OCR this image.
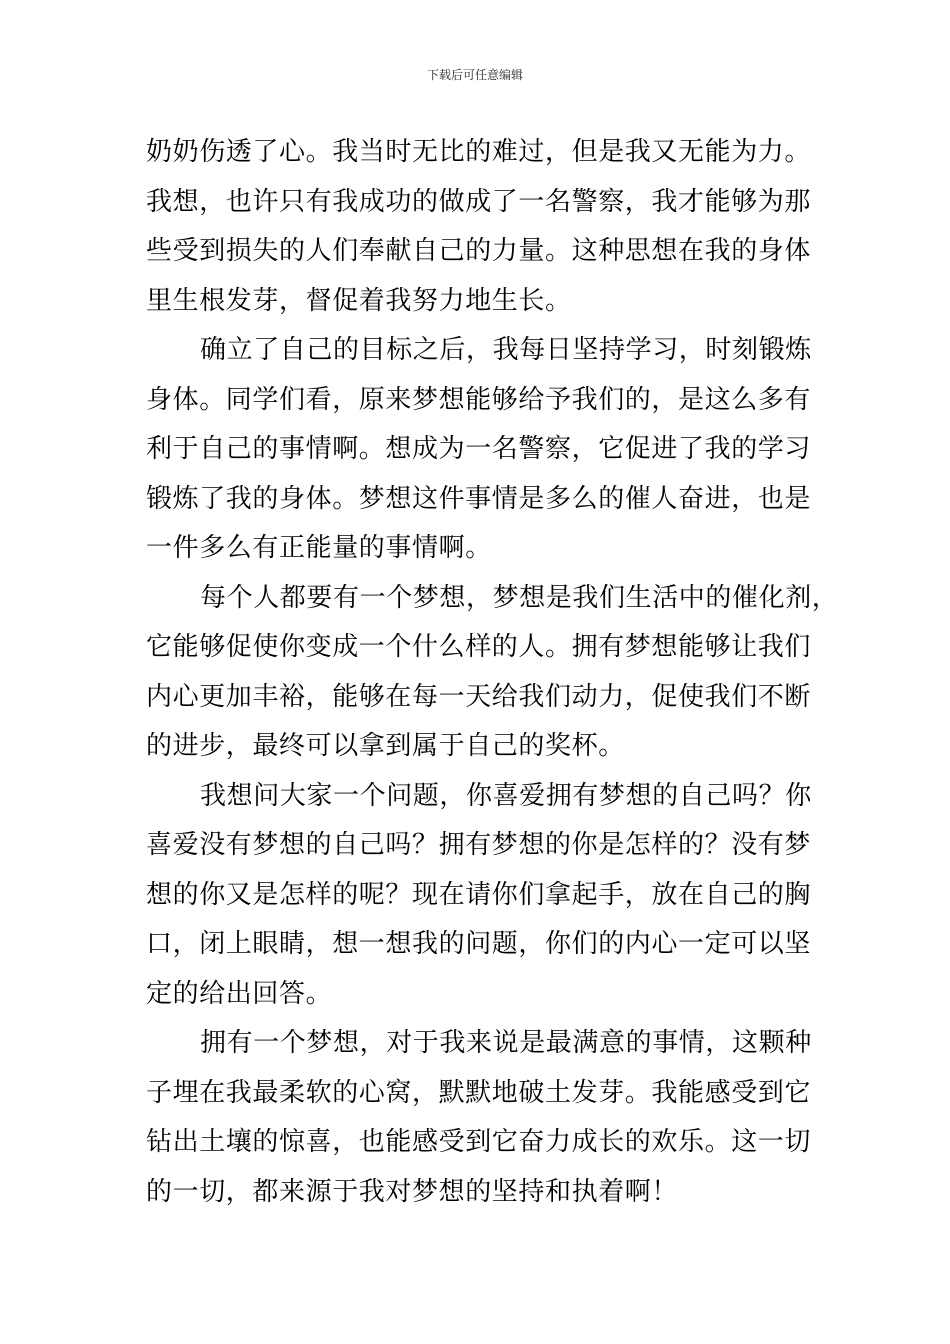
下载后可任意编辑
奶奶伤透了心。我当时无比的难过，但是我又无能为力。
我想，也许只有我成功的做成了一名警察，我才能够为那
些受到损失的人们奉献自己的力量。这种思想在我的身体
里生根发芽，督促着我努力地生长。
确立了自己的目标之后，我每日坚持学习，时刻锻炼
身体。同学们看，原来梦想能够给予我们的，是这么多有
利于自己的事情啊。想成为一名警察，它促进了我的学习
锻炼了我的身体。梦想这件事情是多么的催人奋进，也是
一件多么有正能量的事情啊。
每个人都要有一个梦想，梦想是我们生活中的催化剂，
它能够促使你变成一个什么样的人。拥有梦想能够让我们
内心更加丰裕，能够在每一天给我们动力，促使我们不断
的进步，最终可以拿到属于自己的奖杯。
我想问大家一个问题，你喜爱拥有梦想的自己吗？你
喜爱没有梦想的自己吗？拥有梦想的你是怎样的？没有梦
想的你又是怎样的呢？现在请你们拿起手，放在自己的胸
口，闭上眼睛，想一想我的问题，你们的内心一定可以坚
定的给出回答。
拥有一个梦想，对于我来说是最满意的事情，这颗种
子埋在我最柔软的心窝，默默地破土发芽。我能感受到它
钻出土壤的惊喜，也能感受到它奋力成长的欢乐。这一切
的一切，都来源于我对梦想的坚持和执着啊！
